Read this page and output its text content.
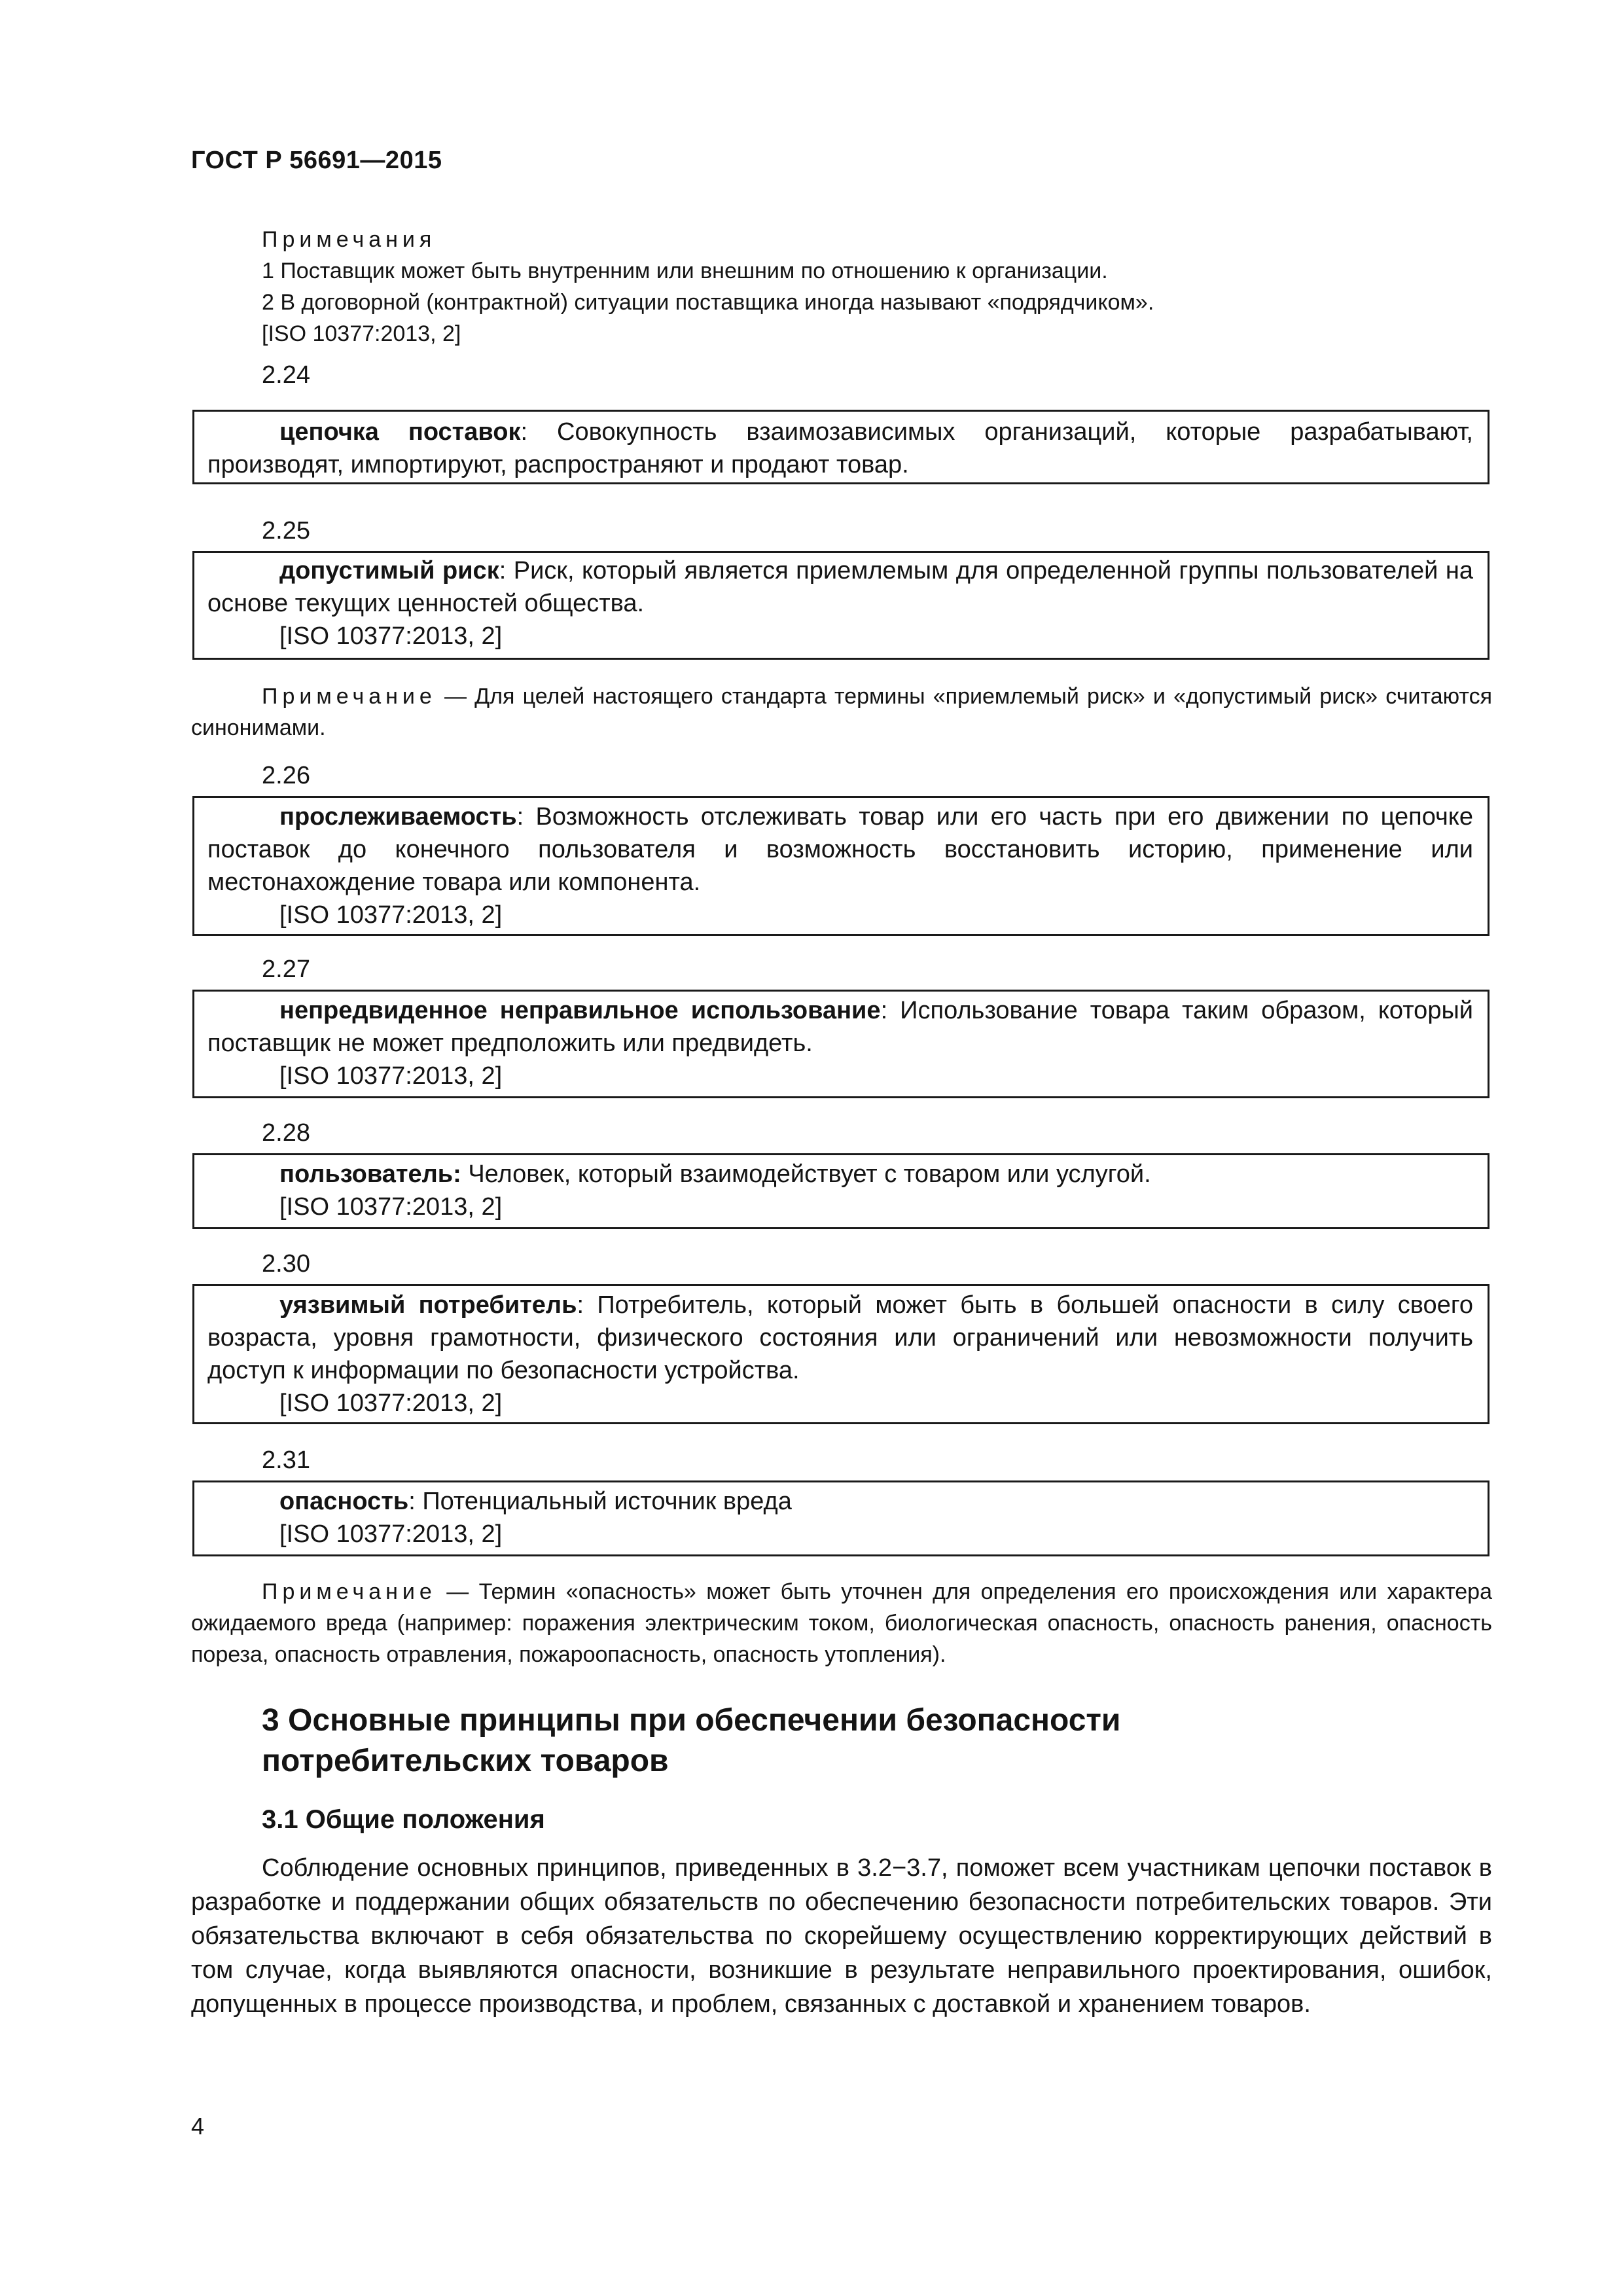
ГОСТ Р 56691—2015
Примечания
1 Поставщик может быть внутренним или внешним по отношению к организации.
2 В договорной (контрактной) ситуации поставщика иногда называют «подрядчиком».
[ISO 10377:2013, 2]
2.24

цепочка поставок: Совокупность взаимозависимых организаций, которые разрабатывают, производят, импортируют, распространяют и продают товар.

2.25

допустимый риск: Риск, который является приемлемым для определенной группы пользователей на основе текущих ценностей общества.

[ISO 10377:2013, 2]

Примечание — Для целей настоящего стандарта термины «приемлемый риск» и «допустимый риск» считаются синонимами.
2.26

прослеживаемость: Возможность отслеживать товар или его часть при его движении по цепочке поставок до конечного пользователя и возможность восстановить историю, применение или местонахождение товара или компонента.

[ISO 10377:2013, 2]

2.27

непредвиденное неправильное использование: Использование товара таким образом, который поставщик не может предположить или предвидеть.

[ISO 10377:2013, 2]

2.28

пользователь: Человек, который взаимодействует с товаром или услугой.

[ISO 10377:2013, 2]

2.30

уязвимый потребитель: Потребитель, который может быть в большей опасности в силу своего возраста, уровня грамотности, физического состояния или ограничений или невозможности получить доступ к информации по безопасности устройства.

[ISO 10377:2013, 2]

2.31

опасность: Потенциальный источник вреда

[ISO 10377:2013, 2]

Примечание — Термин «опасность» может быть уточнен для определения его происхождения или характера ожидаемого вреда (например: поражения электрическим током, биологическая опасность, опасность ранения, опасность пореза, опасность отравления, пожароопасность, опасность утопления).
3 Основные принципы при обеспечении безопасности
потребительских товаров
3.1 Общие положения

Соблюдение основных принципов, приведенных в 3.2−3.7, поможет всем участникам цепочки поставок в разработке и поддержании общих обязательств по обеспечению безопасности потребительских товаров. Эти обязательства включают в себя обязательства по скорейшему осуществлению корректирующих действий в том случае, когда выявляются опасности, возникшие в результате неправильного проектирования, ошибок, допущенных в процессе производства, и проблем, связанных с доставкой и хранением товаров.

4
